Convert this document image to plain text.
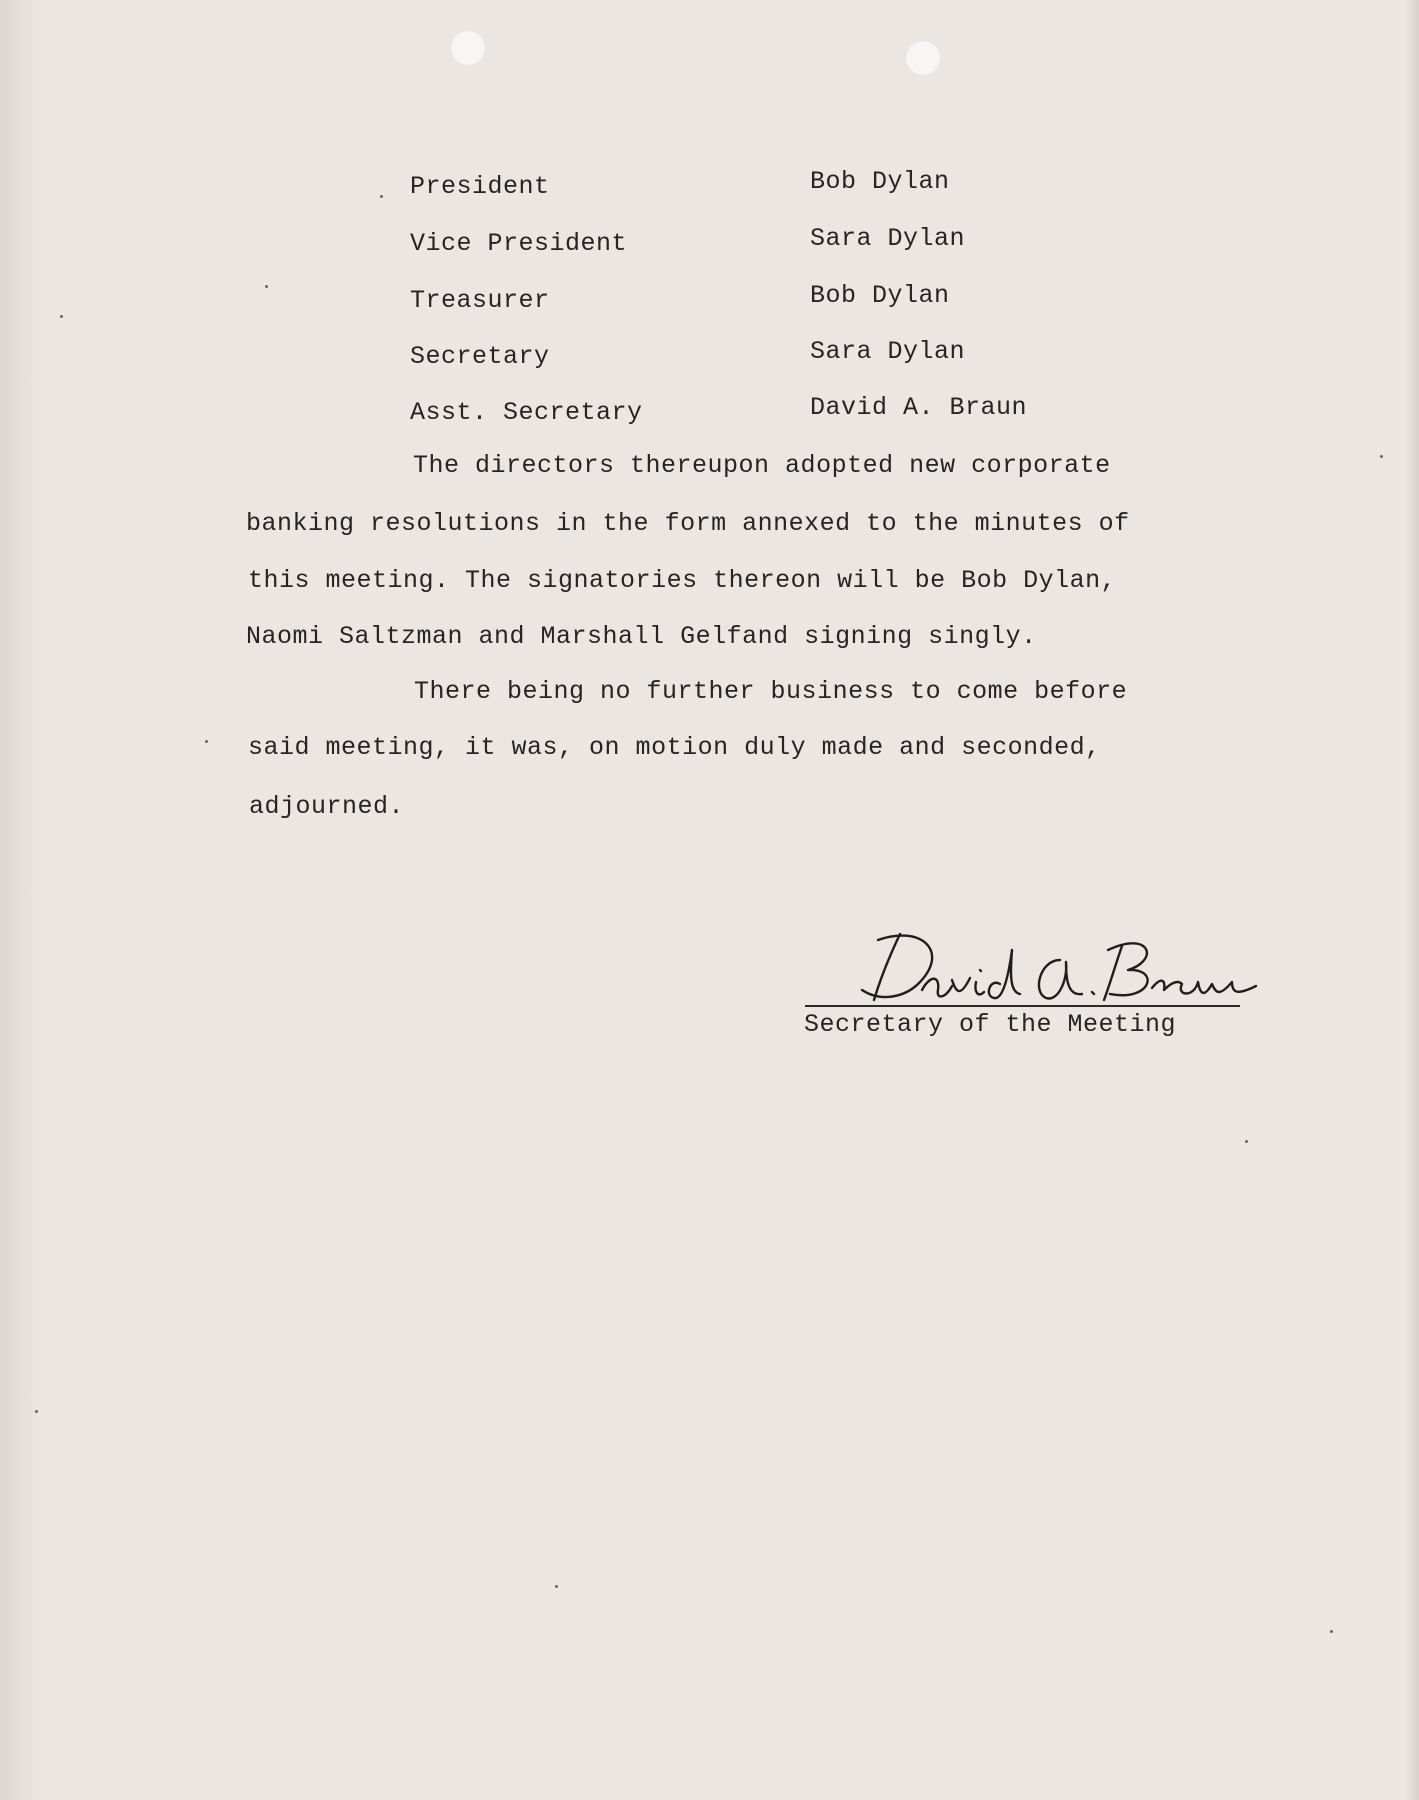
President	Bob Dylan
Vice President	Sara Dylan
Treasurer	Bob Dylan
Secretary	Sara Dylan
Asst. Secretary	David A. Braun
The directors thereupon adopted new corporate
banking resolutions in the form annexed to the minutes of
this meeting. The signatories thereon will be Bob Dylan,
Naomi Saltzman and Marshall Gelfand signing singly.
There being no further business to come before
said meeting, it was, on motion duly made and seconded,
adjourned.
Secretary of the Meeting
